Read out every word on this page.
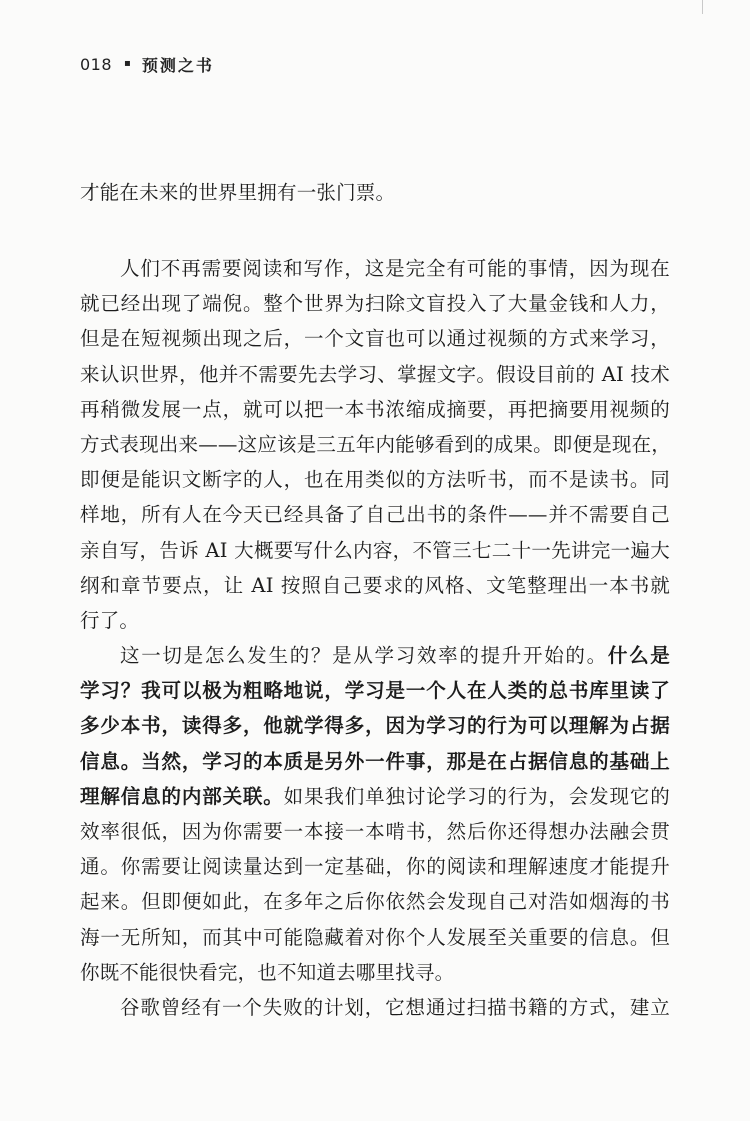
018 ▪ 预测之书
才能在未来的世界里拥有一张门票。
人们不再需要阅读和写作，这是完全有可能的事情，因为现在
就已经出现了端倪。整个世界为扫除文盲投入了大量金钱和人力，
但是在短视频出现之后，一个文盲也可以通过视频的方式来学习，
来认识世界，他并不需要先去学习、掌握文字。假设目前的 AI 技术
再稍微发展一点，就可以把一本书浓缩成摘要，再把摘要用视频的
方式表现出来——这应该是三五年内能够看到的成果。即便是现在，
即便是能识文断字的人，也在用类似的方法听书，而不是读书。同
样地，所有人在今天已经具备了自己出书的条件——并不需要自己
亲自写，告诉 AI 大概要写什么内容，不管三七二十一先讲完一遍大
纲和章节要点，让 AI 按照自己要求的风格、文笔整理出一本书就
行了。
这一切是怎么发生的？是从学习效率的提升开始的。什么是
学习？我可以极为粗略地说，学习是一个人在人类的总书库里读了
多少本书，读得多，他就学得多，因为学习的行为可以理解为占据
信息。当然，学习的本质是另外一件事，那是在占据信息的基础上
理解信息的内部关联。如果我们单独讨论学习的行为，会发现它的
效率很低，因为你需要一本接一本啃书，然后你还得想办法融会贯
通。你需要让阅读量达到一定基础，你的阅读和理解速度才能提升
起来。但即便如此，在多年之后你依然会发现自己对浩如烟海的书
海一无所知，而其中可能隐藏着对你个人发展至关重要的信息。但
你既不能很快看完，也不知道去哪里找寻。
谷歌曾经有一个失败的计划，它想通过扫描书籍的方式，建立
